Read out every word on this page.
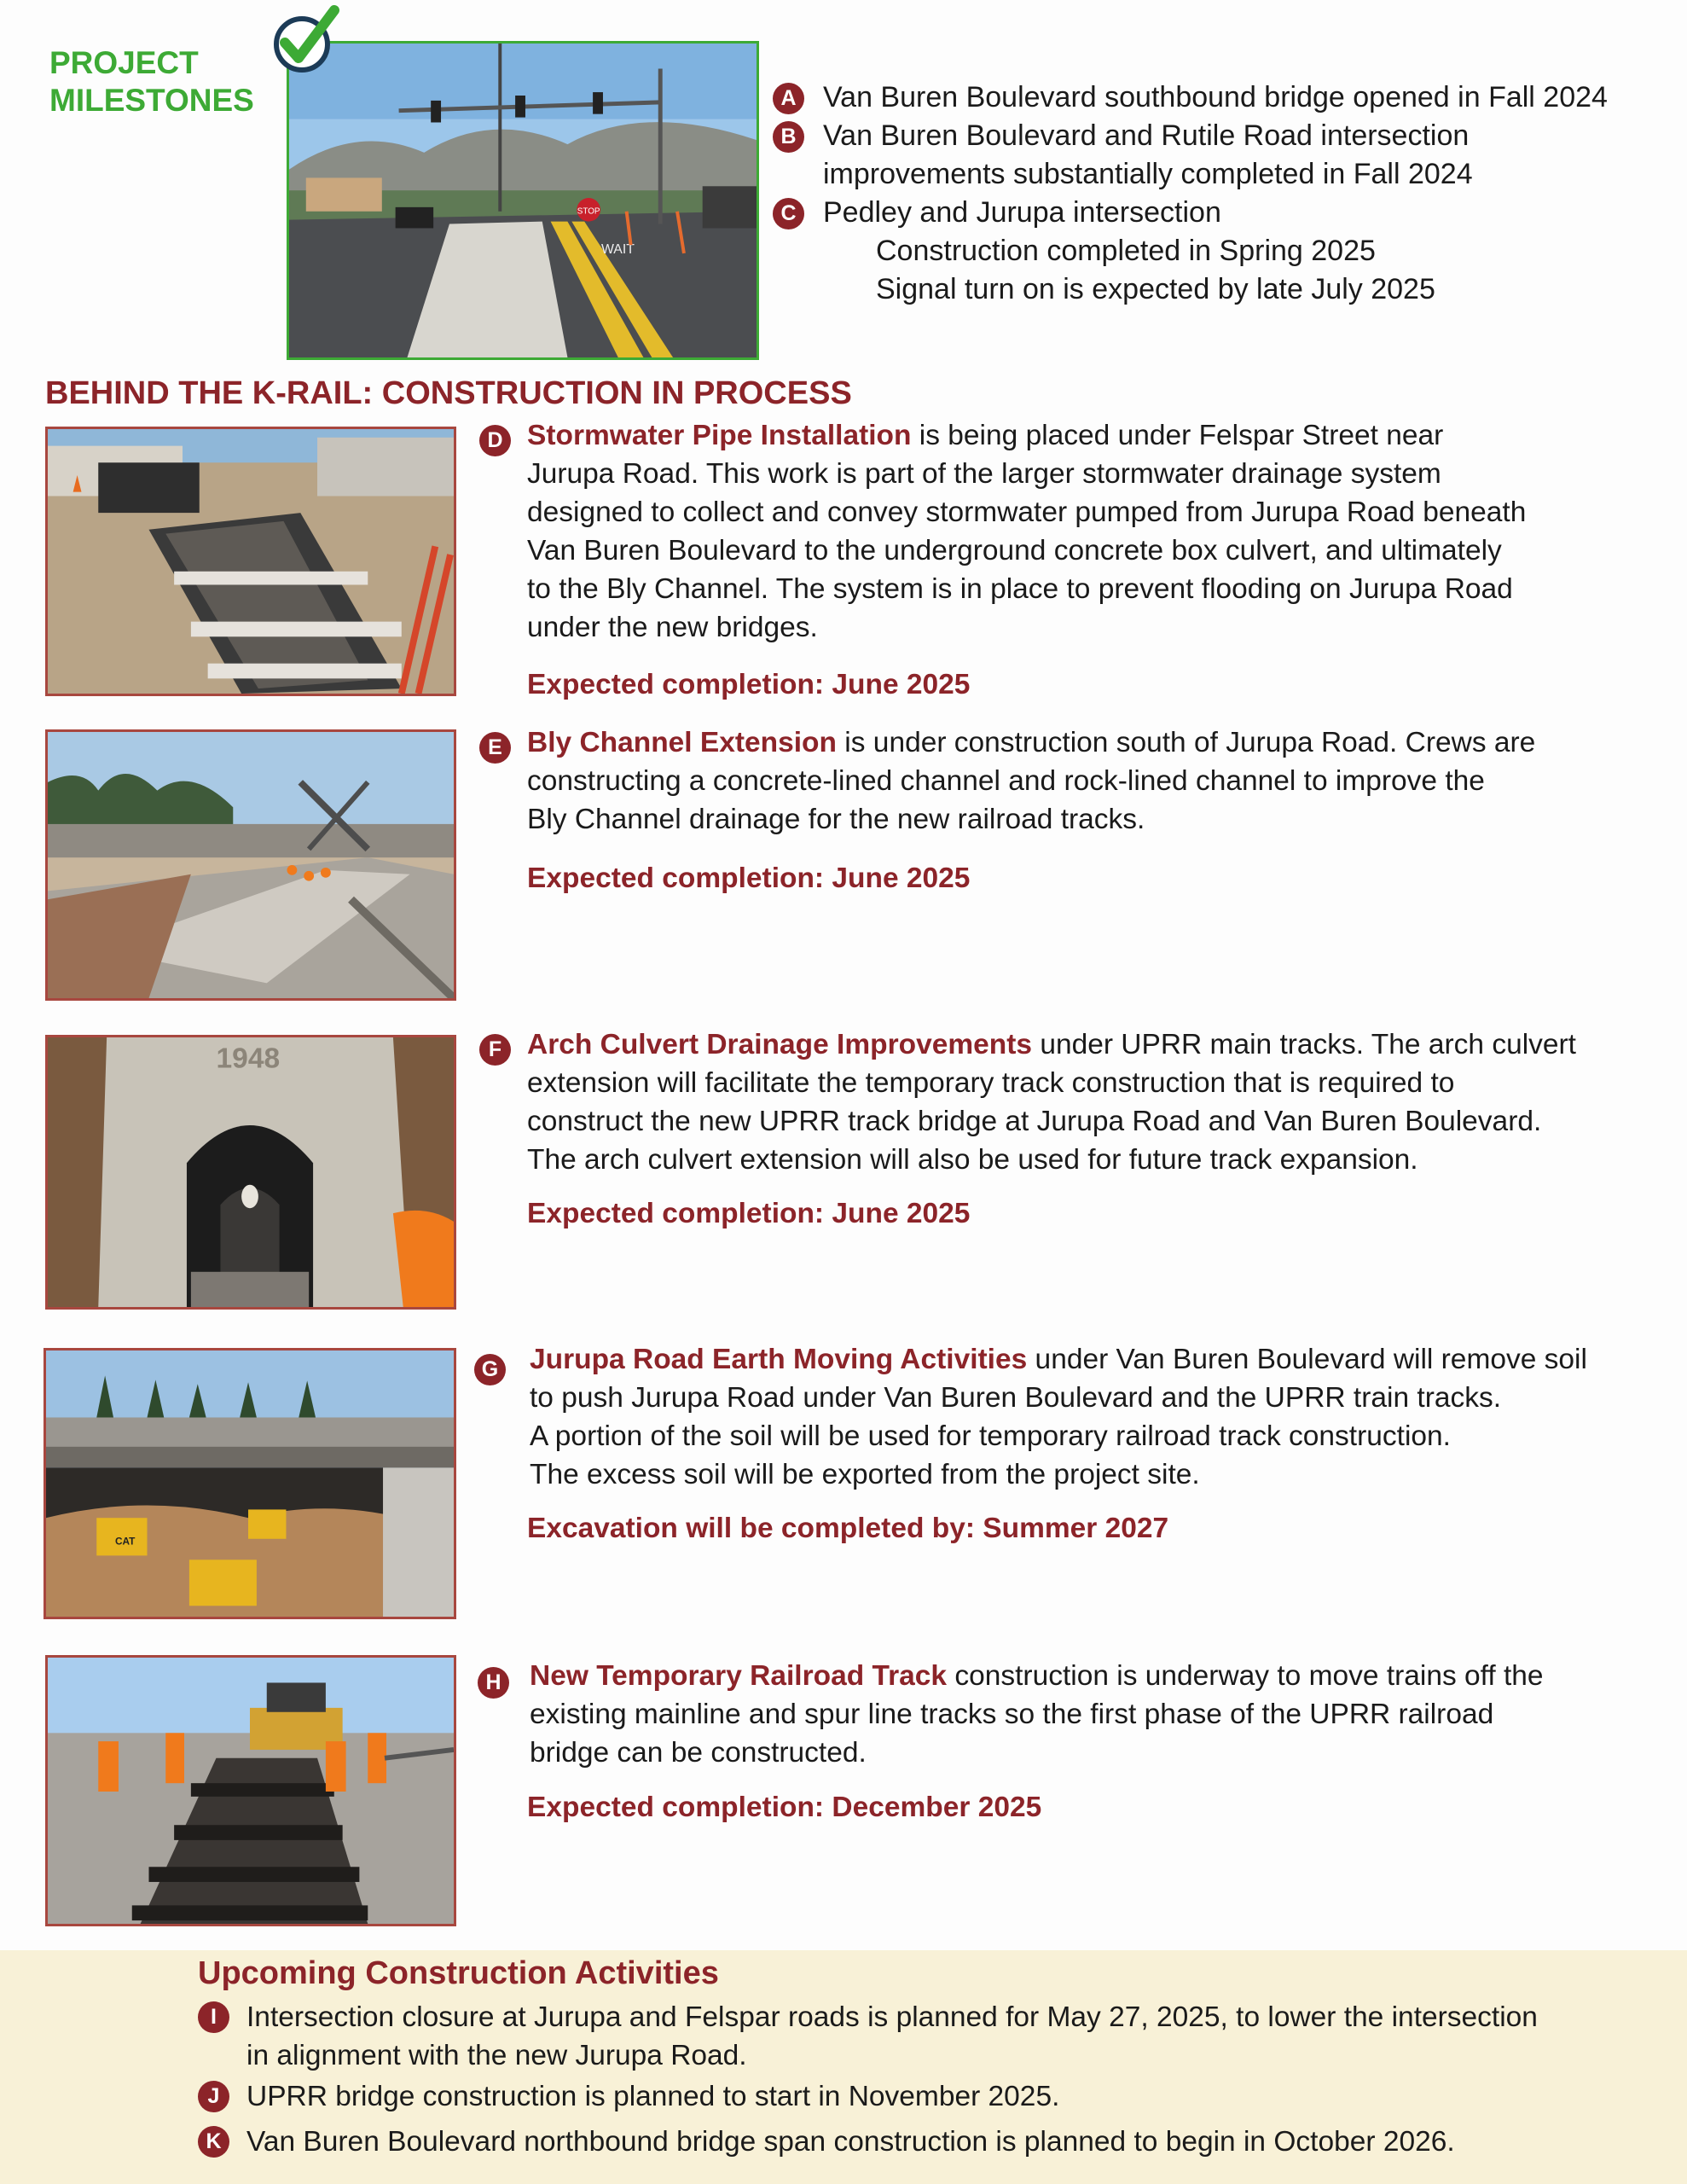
PROJECT
MILESTONES
STOP
WAIT
A Van Buren Boulevard southbound bridge opened in Fall 2024
B Van Buren Boulevard and Rutile Road intersection
improvements substantially completed in Fall 2024
C Pedley and Jurupa intersection
Construction completed in Spring 2025
Signal turn on is expected by late July 2025
BEHIND THE K-RAIL: CONSTRUCTION IN PROCESS
D Stormwater Pipe Installation is being placed under Felspar Street near
Jurupa Road. This work is part of the larger stormwater drainage system
designed to collect and convey stormwater pumped from Jurupa Road beneath
Van Buren Boulevard to the underground concrete box culvert, and ultimately
to the Bly Channel. The system is in place to prevent flooding on Jurupa Road
under the new bridges.
Expected completion: June 2025
E Bly Channel Extension is under construction south of Jurupa Road. Crews are
constructing a concrete-lined channel and rock-lined channel to improve the
Bly Channel drainage for the new railroad tracks.
Expected completion: June 2025
1948	F Arch Culvert Drainage Improvements under UPRR main tracks. The arch culvert
extension will facilitate the temporary track construction that is required to
construct the new UPRR track bridge at Jurupa Road and Van Buren Boulevard.
The arch culvert extension will also be used for future track expansion.
Expected completion: June 2025
CAT
G Jurupa Road Earth Moving Activities under Van Buren Boulevard will remove soil
to push Jurupa Road under Van Buren Boulevard and the UPRR train tracks.
A portion of the soil will be used for temporary railroad track construction.
The excess soil will be exported from the project site.
Excavation will be completed by: Summer 2027
H New Temporary Railroad Track construction is underway to move trains off the
existing mainline and spur line tracks so the first phase of the UPRR railroad
bridge can be constructed.
Expected completion: December 2025
Upcoming Construction Activities
I	Intersection closure at Jurupa and Felspar roads is planned for May 27, 2025, to lower the intersection
in alignment with the new Jurupa Road.
J UPRR bridge construction is planned to start in November 2025.
K Van Buren Boulevard northbound bridge span construction is planned to begin in October 2026.
